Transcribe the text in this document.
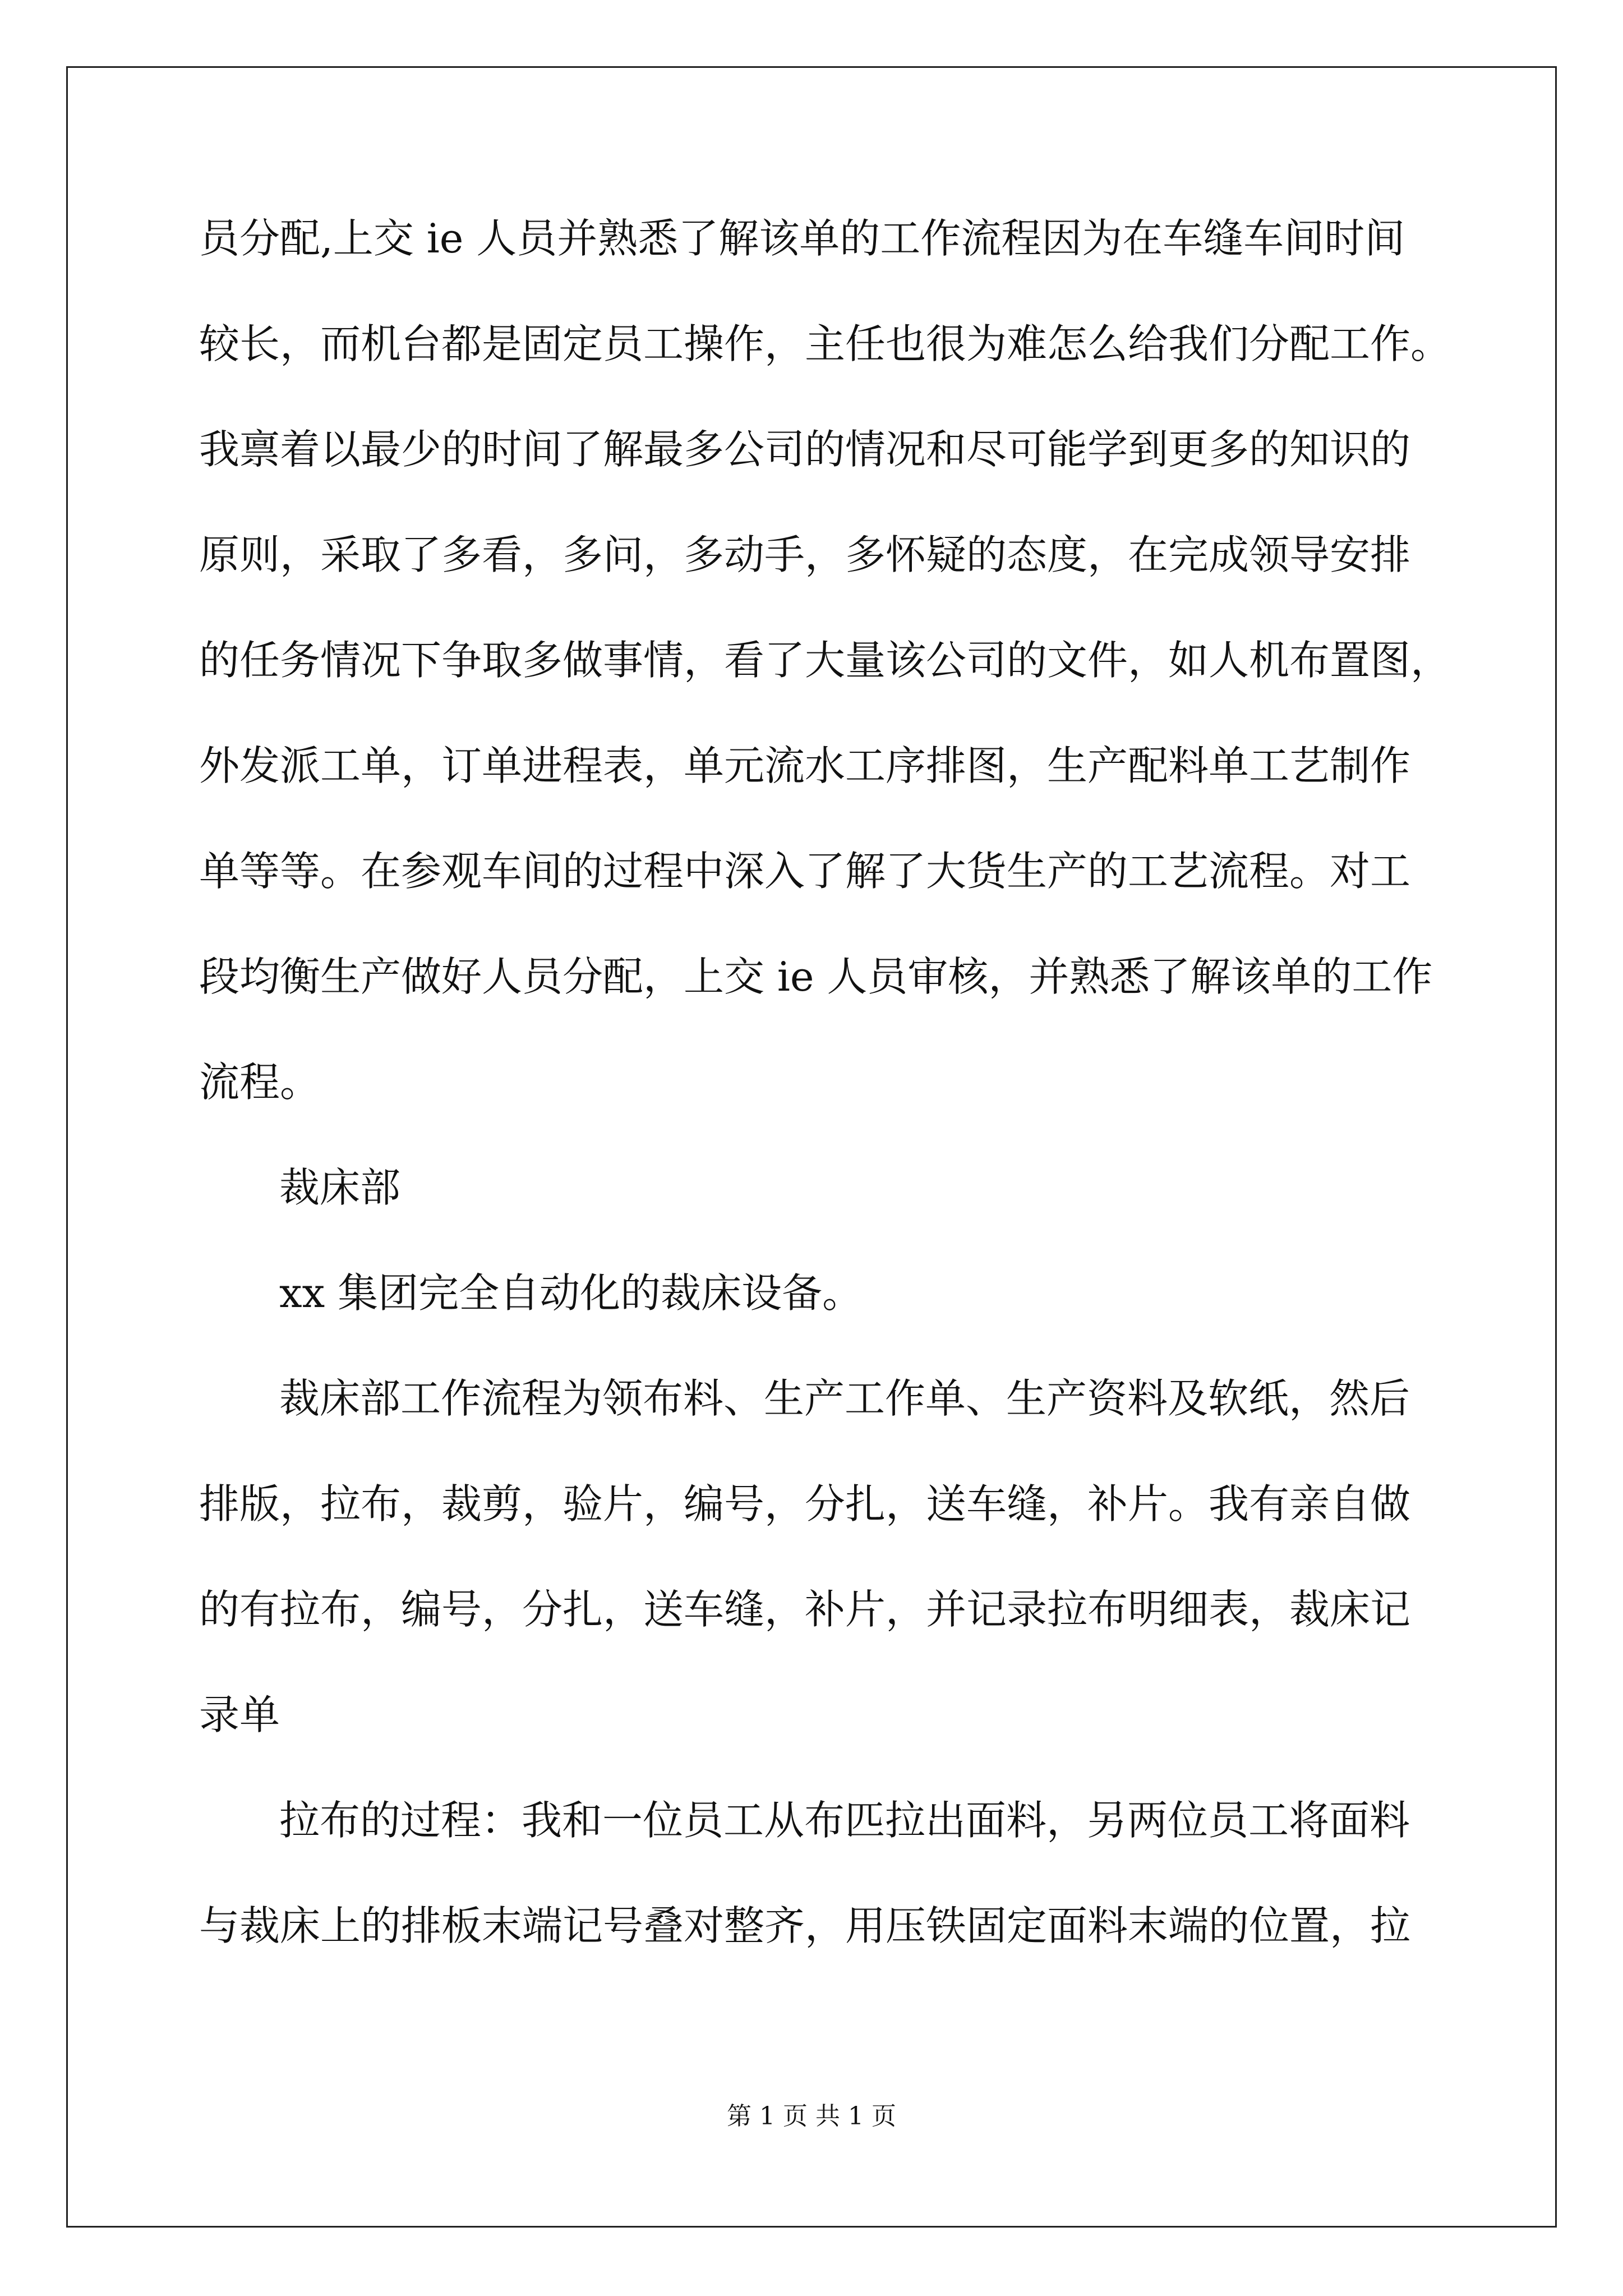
员分配,上交 ie 人员并熟悉了解该单的工作流程因为在车缝车间时间
较长，而机台都是固定员工操作，主任也很为难怎么给我们分配工作。
我禀着以最少的时间了解最多公司的情况和尽可能学到更多的知识的
原则，采取了多看，多问，多动手，多怀疑的态度，在完成领导安排
的任务情况下争取多做事情，看了大量该公司的文件，如人机布置图，
外发派工单，订单进程表，单元流水工序排图，生产配料单工艺制作
单等等。在参观车间的过程中深入了解了大货生产的工艺流程。对工
段均衡生产做好人员分配，上交 ie 人员审核，并熟悉了解该单的工作
流程。
裁床部
xx 集团完全自动化的裁床设备。
裁床部工作流程为领布料、生产工作单、生产资料及软纸，然后
排版，拉布，裁剪，验片，编号，分扎，送车缝，补片。我有亲自做
的有拉布，编号，分扎，送车缝，补片，并记录拉布明细表，裁床记
录单
拉布的过程：我和一位员工从布匹拉出面料，另两位员工将面料
与裁床上的排板末端记号叠对整齐，用压铁固定面料末端的位置，拉
第 1 页 共 1 页
